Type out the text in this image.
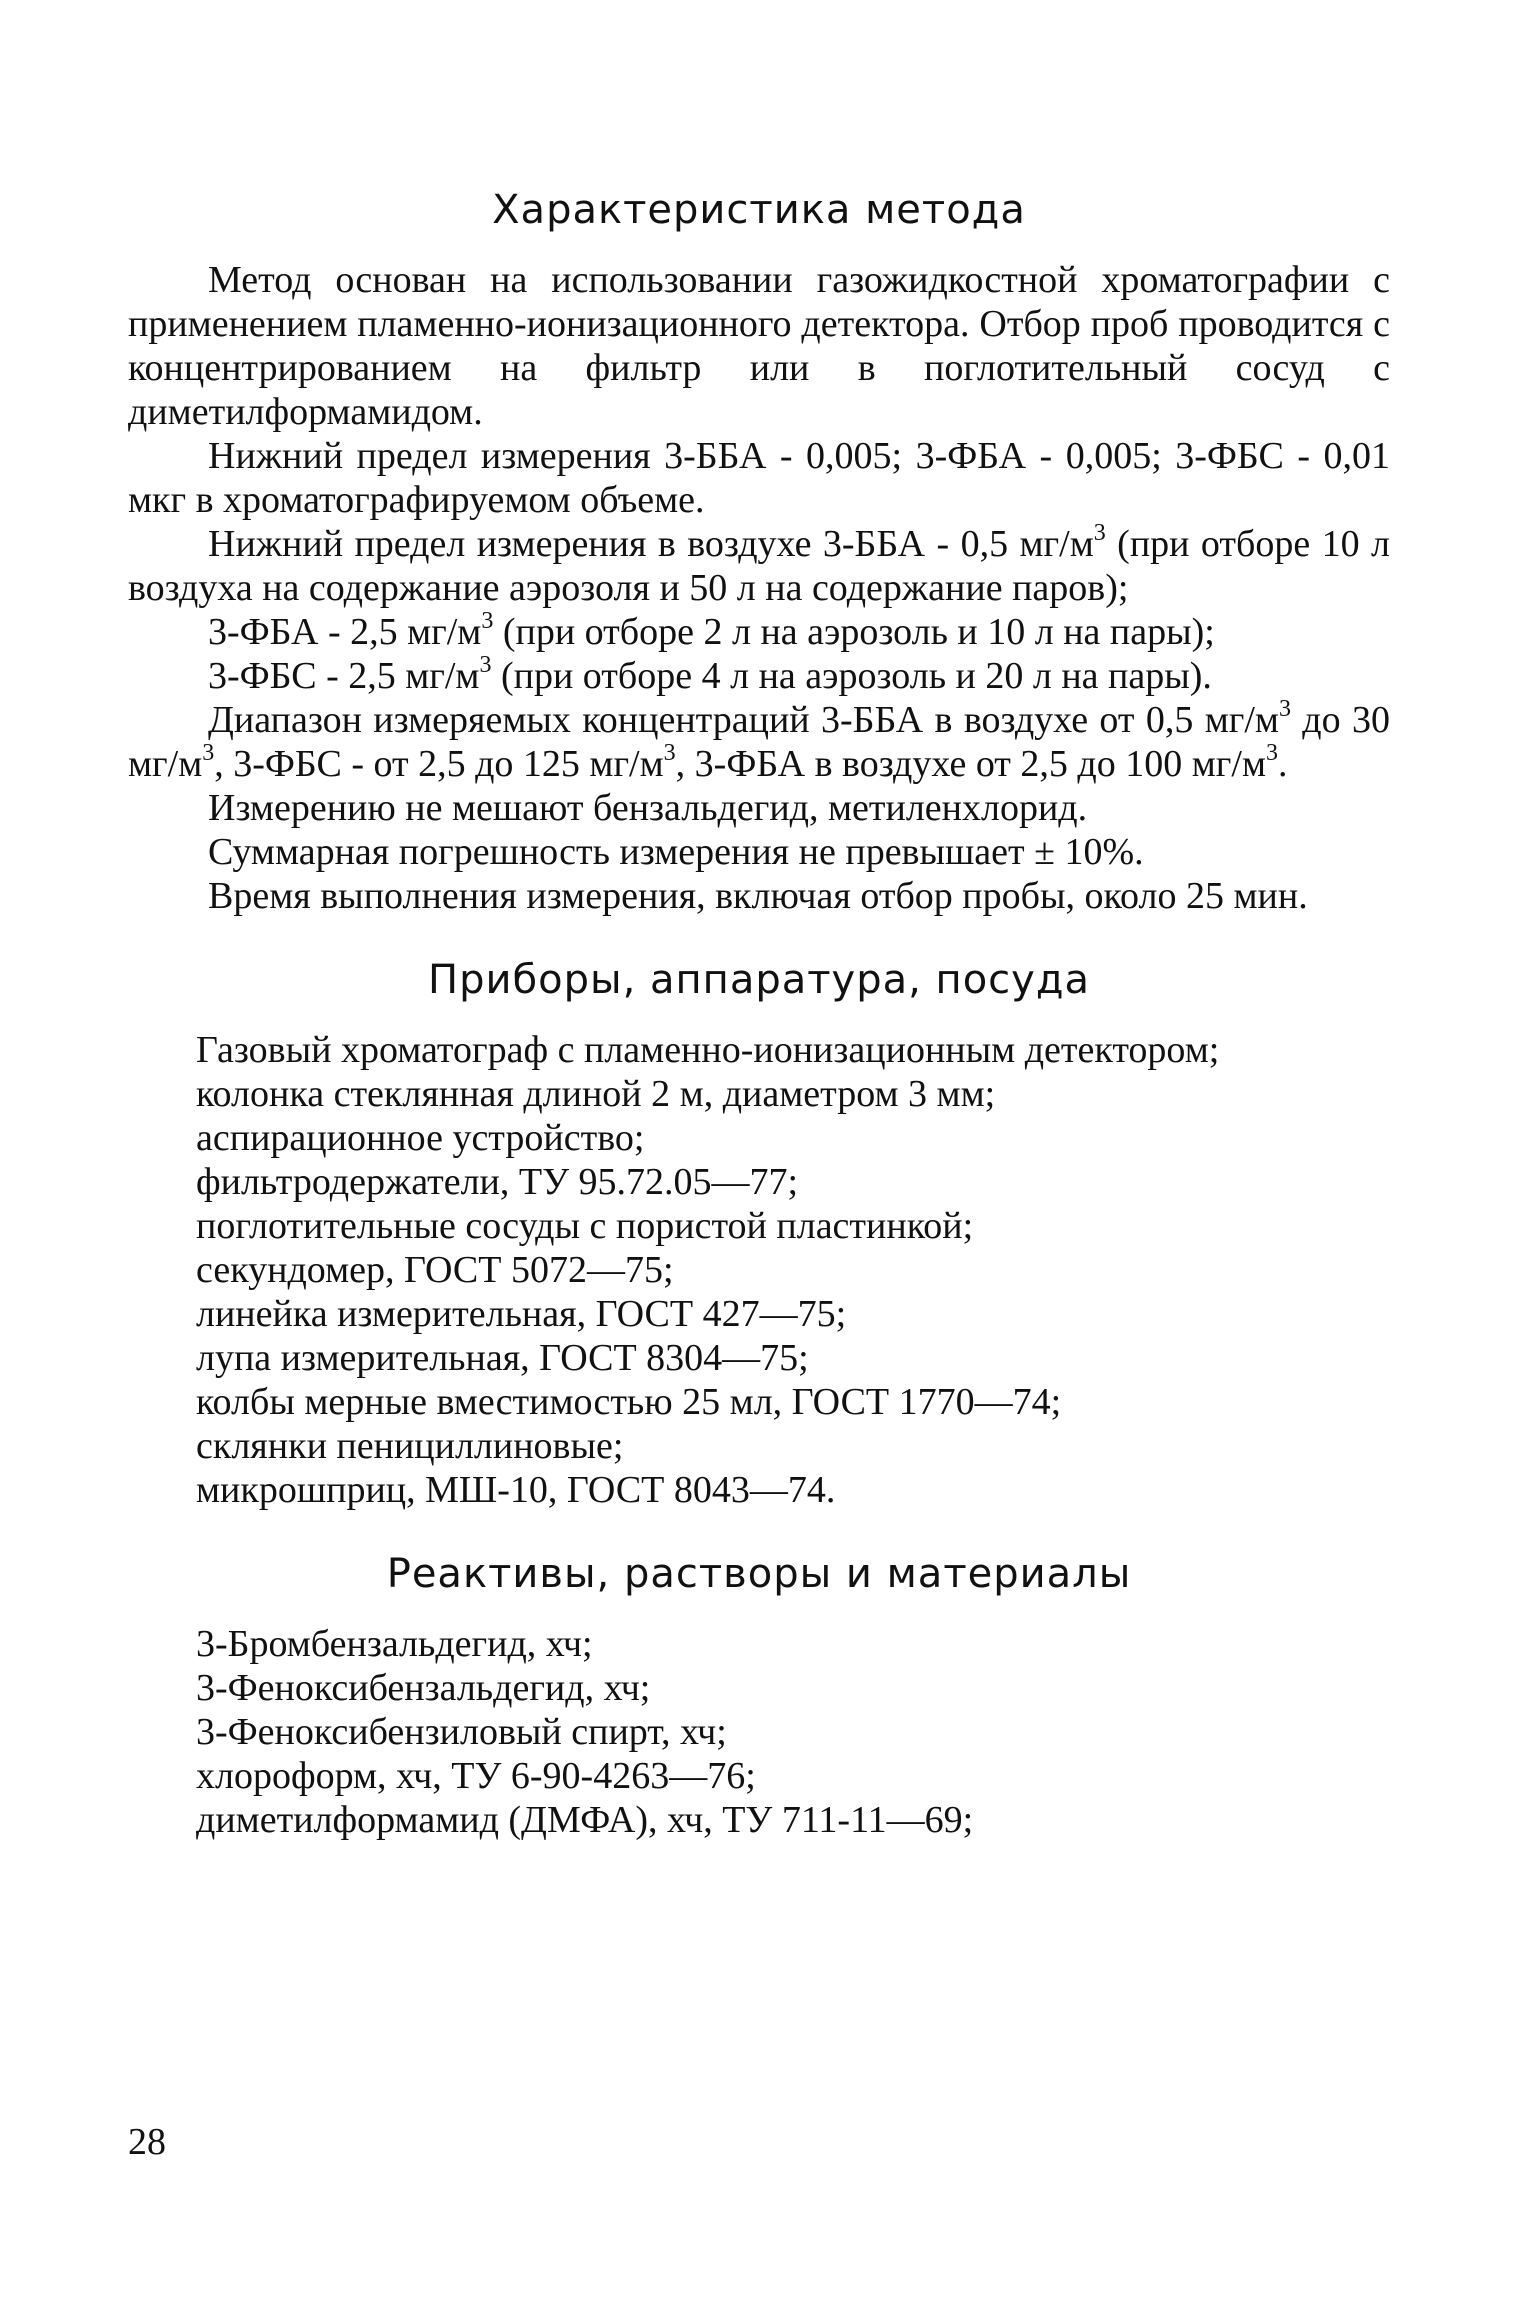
Характеристика метода

Метод основан на использовании газожидкостной хроматографии с применением пламенно-ионизационного детектора. Отбор проб проводится с концентрированием на фильтр или в поглотительный сосуд с диметилформамидом.

Нижний предел измерения 3-ББА - 0,005; 3-ФБА - 0,005; 3-ФБС - 0,01 мкг в хроматографируемом объеме.

Нижний предел измерения в воздухе 3-ББА - 0,5 $мг/м^3$ (при отборе 10 л воздуха на содержание аэрозоля и 50 л на содержание паров);

3-ФБА - 2,5 $мг/м^3$ (при отборе 2 л на аэрозоль и 10 л на пары);

3-ФБС - 2,5 $мг/м^3$ (при отборе 4 л на аэрозоль и 20 л на пары).

Диапазон измеряемых концентраций 3-ББА в воздухе от 0,5 $мг/м^3$ до 30 $мг/м^3$, 3-ФБС - от 2,5 до 125 $мг/м^3$, 3-ФБА в воздухе от 2,5 до 100 $мг/м^3$.

Измерению не мешают бензальдегид, метиленхлорид.

Суммарная погрешность измерения не превышает ± 10%.

Время выполнения измерения, включая отбор пробы, около 25 мин.

Приборы, аппаратура, посуда
Газовый хроматограф с пламенно-ионизационным детектором;
колонка стеклянная длиной 2 м, диаметром 3 мм;
аспирационное устройство;
фильтродержатели, ТУ 95.72.05—77;
поглотительные сосуды с пористой пластинкой;
секундомер, ГОСТ 5072—75;
линейка измерительная, ГОСТ 427—75;
лупа измерительная, ГОСТ 8304—75;
колбы мерные вместимостью 25 мл, ГОСТ 1770—74;
склянки пенициллиновые;
микрошприц, МШ-10, ГОСТ 8043—74.
Реактивы, растворы и материалы
3-Бромбензальдегид, хч;
3-Феноксибензальдегид, хч;
3-Феноксибензиловый спирт, хч;
хлороформ, хч, ТУ 6-90-4263—76;
диметилформамид (ДМФА), хч, ТУ 711-11—69;
28
